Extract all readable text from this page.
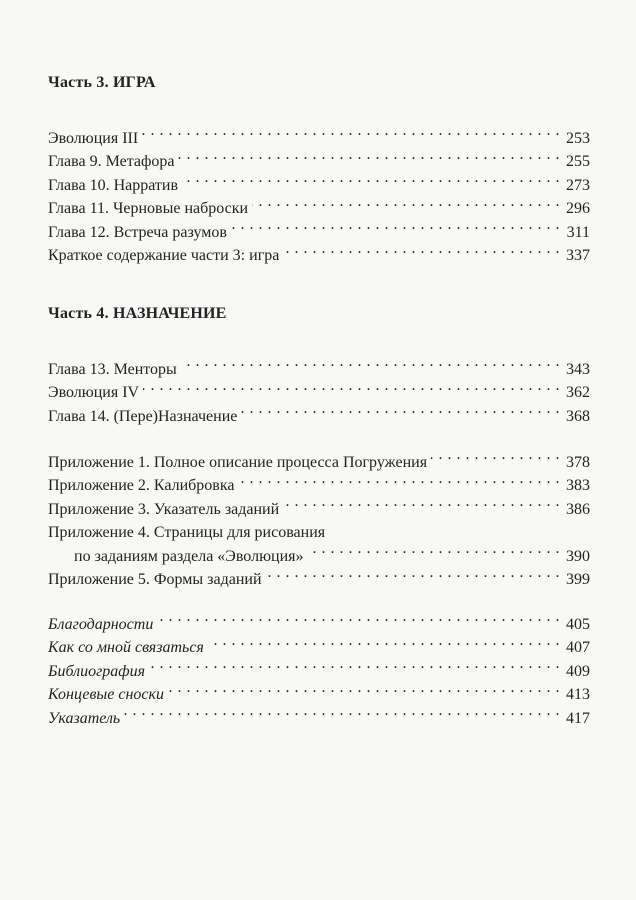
Часть 3. ИГРА
Эволюция III . . .	253
Глава 9. Метафора . . .	255
Глава 10. Нарратив . . .	273
Глава 11. Черновые наброски . . .	296
Глава 12. Встреча разумов . . .	311
Краткое содержание части 3: игра . . .	337
Часть 4. НАЗНАЧЕНИЕ
Глава 13. Менторы . . .	343
Эволюция IV . . .	362
Глава 14. (Пере)Назначение . . .	368
Приложение 1. Полное описание процесса Погружения . . .	378
Приложение 2. Калибровка . . .	383
Приложение 3. Указатель заданий . . .	386
Приложение 4. Страницы для рисования
по заданиям раздела «Эволюция» . . .	390
Приложение 5. Формы заданий . . .	399
Благодарности . . .	405
Как со мной связаться . . .	407
Библиография . . .	409
Концевые сноски . . .	413
Указатель . . .	417
